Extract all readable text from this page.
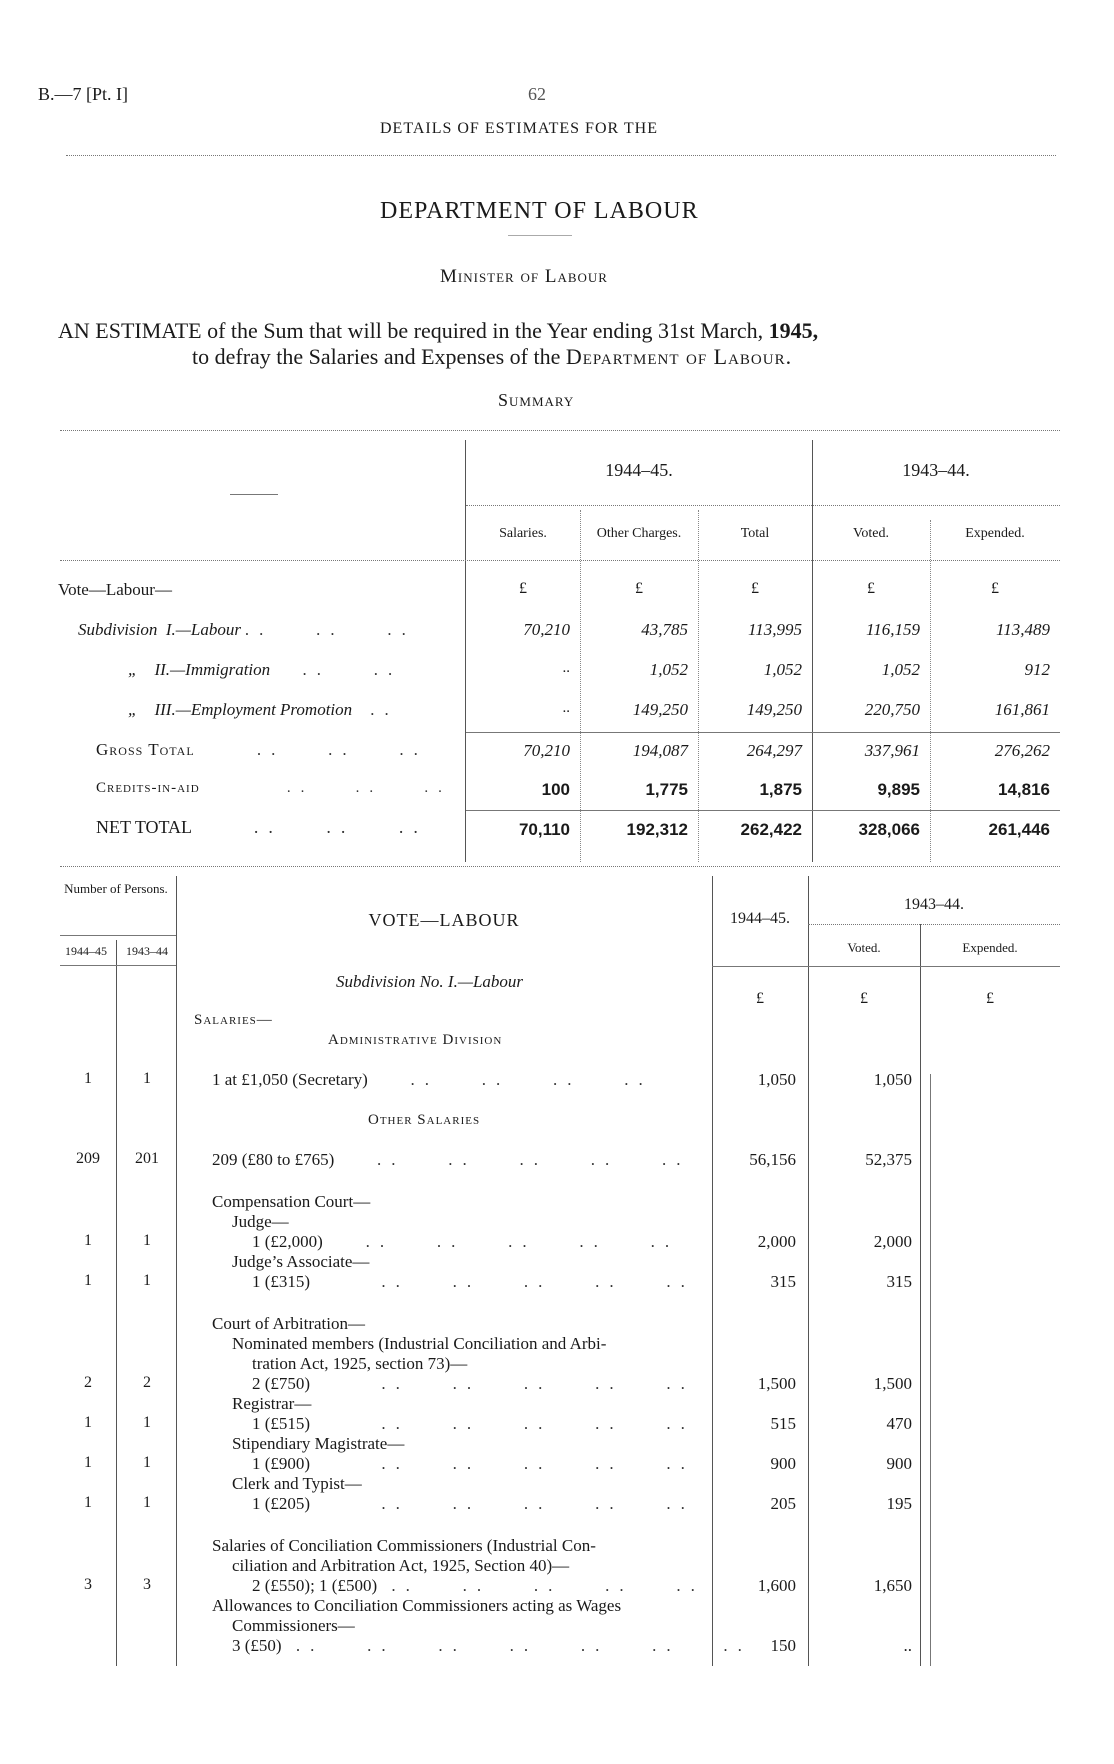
B.—7 [Pt. I]	62
DETAILS OF ESTIMATES FOR THE
DEPARTMENT OF LABOUR
Minister of Labour
AN ESTIMATE of the Sum that will be required in the Year ending 31st March, 1945,
to defray the Salaries and Expenses of the Department of Labour.
Summary
1944–45.	1943–44.
Salaries.	Other Charges.	Total	Voted.	Expended.
Vote—Labour—	£	£	£	£	£
Subdivision I.—Labour ..   ..   ..	70,210	43,785	113,995	116,159	113,489
„ II.—Immigration   ..   ..	..	1,052	1,052	1,052	912
„ III.—Employment Promotion  ..	..	149,250	149,250	220,750	161,861
Gross Total     ..   ..   ..	70,210	194,087	264,297	337,961	276,262
Credits-in-aid       ..   ..   ..	100	1,775	1,875	9,895	14,816
NET TOTAL     ..   ..   ..	70,110	192,312	262,422	328,066	261,446
Number of Persons.
1944–45	1943–44
VOTE—LABOUR	1944–45.
1943–44.
Voted.	Expended.
Subdivision No. I.—Labour
£	£	£
Salaries—
Administrative Division
1	1	1 at £1,050 (Secretary)   ..   ..   ..   ..	1,050	1,050
Other Salaries
209	201	209 (£80 to £765)   ..   ..   ..   ..   ..	56,156	52,375
Compensation Court—
Judge—
1	1	1 (£2,000)   ..   ..   ..   ..   ..	2,000	2,000
Judge’s Associate—
1	1	1 (£315)     ..   ..   ..   ..   ..	315	315
Court of Arbitration—
Nominated members (Industrial Conciliation and Arbi-
tration Act, 1925, section 73)—
2	2	2 (£750)     ..   ..   ..   ..   ..	1,500	1,500
Registrar—
1	1	1 (£515)     ..   ..   ..   ..   ..	515	470
Stipendiary Magistrate—
1	1	1 (£900)     ..   ..   ..   ..   ..	900	900
Clerk and Typist—
1	1	1 (£205)     ..   ..   ..   ..   ..	205	195
Salaries of Conciliation Commissioners (Industrial Con-
ciliation and Arbitration Act, 1925, Section 40)—
3	3	2 (£550); 1 (£500) ..   ..   ..   ..   ..	1,600	1,650
Allowances to Conciliation Commissioners acting as Wages
Commissioners—
3 (£50) ..   ..   ..   ..   ..   ..   ..	150	..
